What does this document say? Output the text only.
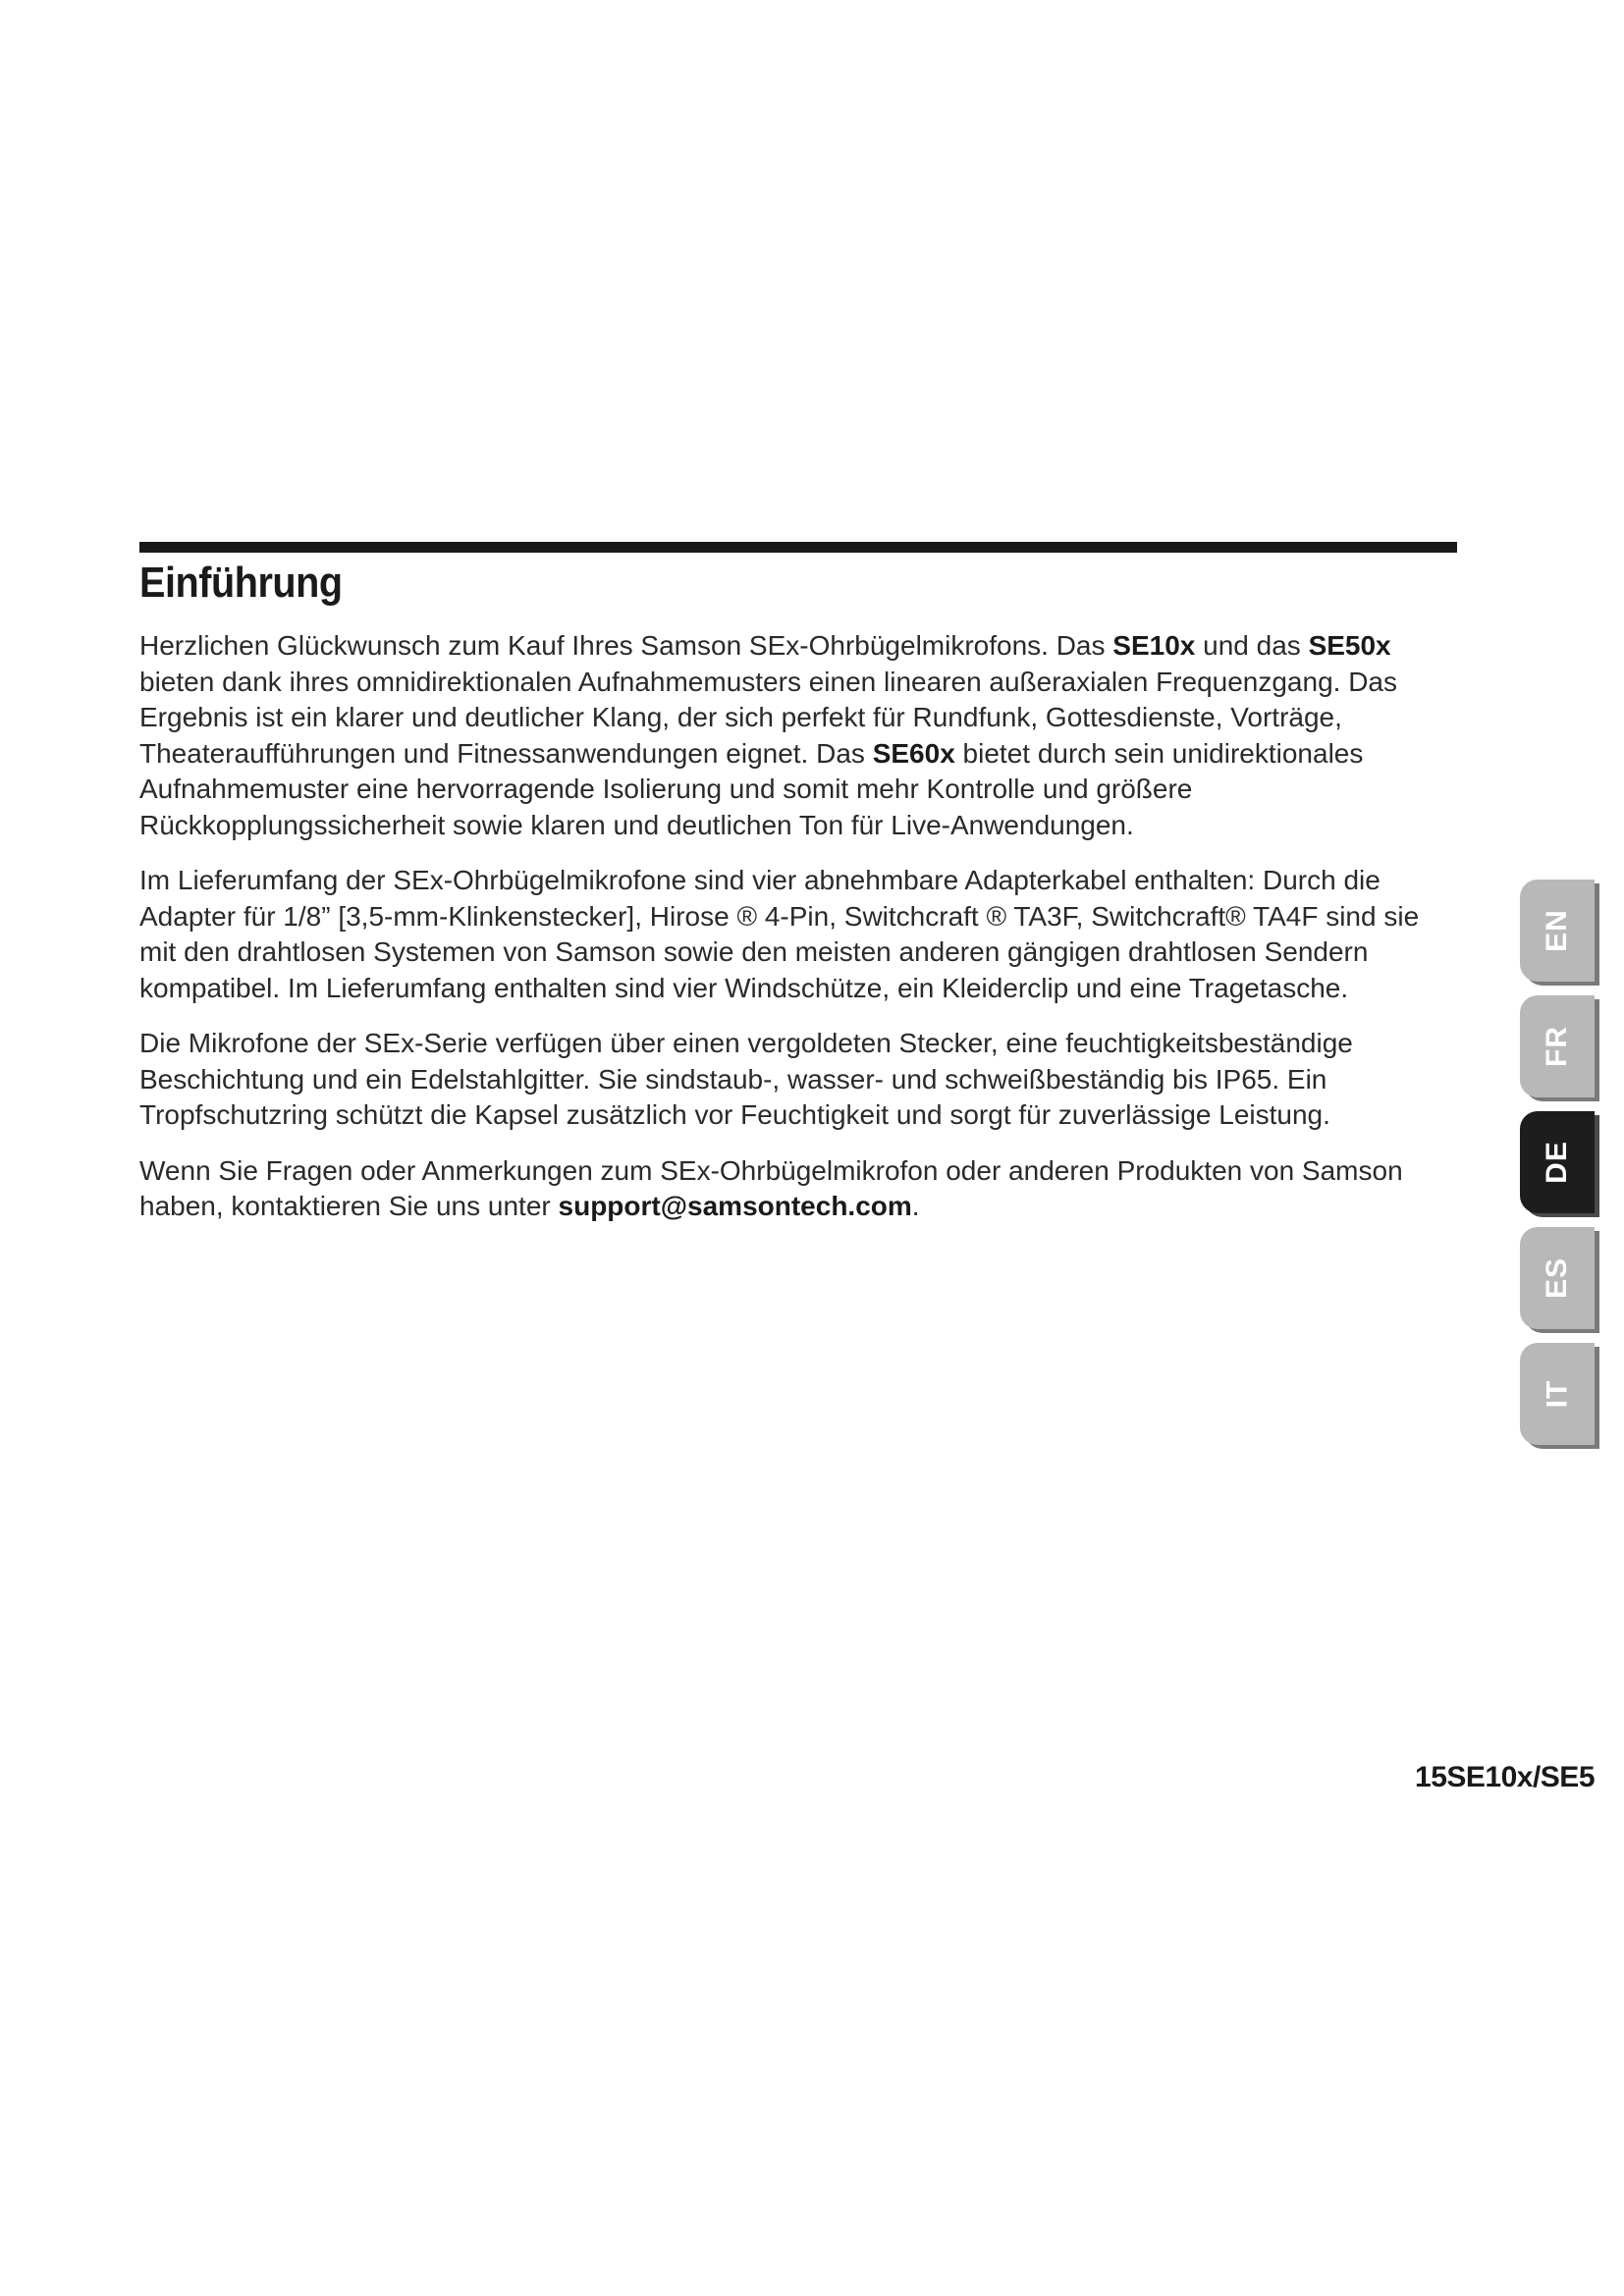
Einführung

Herzlichen Glückwunsch zum Kauf Ihres Samson SEx-Ohrbügelmikrofons. Das SE10x und das SE50x bieten dank ihres omnidirektionalen Aufnahmemusters einen linearen außeraxialen Frequenzgang. Das Ergebnis ist ein klarer und deutlicher Klang, der sich perfekt für Rundfunk, Gottesdienste, Vorträge, Theateraufführungen und Fitnessanwendungen eignet. Das SE60x bietet durch sein unidirektionales Aufnahmemuster eine hervorragende Isolierung und somit mehr Kontrolle und größere Rückkopplungssicherheit sowie klaren und deutlichen Ton für Live-Anwendungen.

Im Lieferumfang der SEx-Ohrbügelmikrofone sind vier abnehmbare Adapterkabel enthalten: Durch die Adapter für 1/8” [3,5-mm-Klinkenstecker], Hirose ® 4-Pin, Switchcraft ® TA3F, Switchcraft® TA4F sind sie mit den drahtlosen Systemen von Samson sowie den meisten anderen gängigen drahtlosen Sendern kompatibel. Im Lieferumfang enthalten sind vier Windschütze, ein Kleiderclip und eine Tragetasche.

Die Mikrofone der SEx-Serie verfügen über einen vergoldeten Stecker, eine feuchtigkeitsbeständige Beschichtung und ein Edelstahlgitter. Sie sindstaub-, wasser- und schweißbeständig bis IP65. Ein Tropfschutzring schützt die Kapsel zusätzlich vor Feuchtigkeit und sorgt für zuverlässige Leistung.

Wenn Sie Fragen oder Anmerkungen zum SEx-Ohrbügelmikrofon oder anderen Produkten von Samson haben, kontaktieren Sie uns unter support@samsontech.com.

EN
FR
DE
ES
IT
15SE10x/SE5
